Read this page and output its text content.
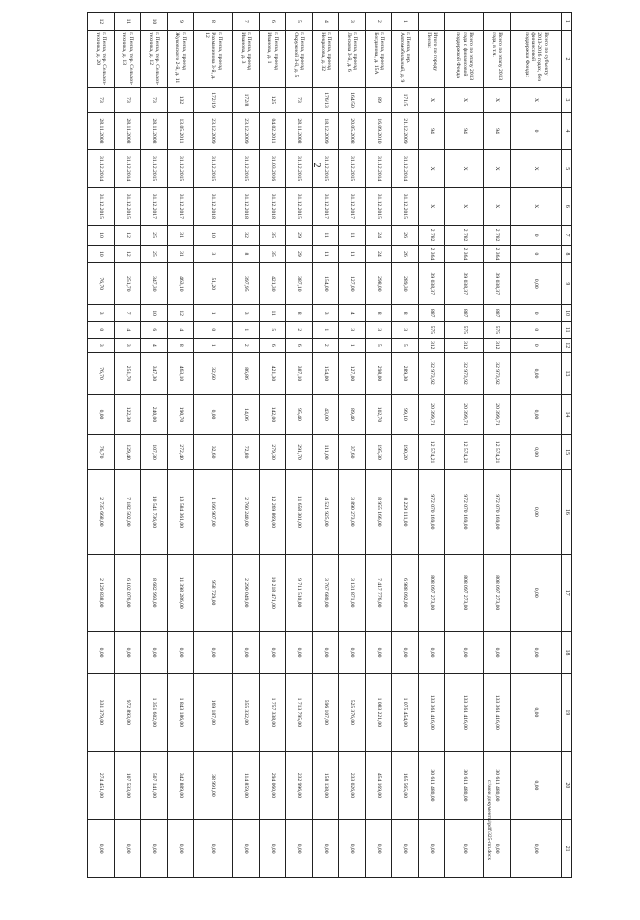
2
1	2	3	4	5	6	7	8	9	10	11	12	13	14	15	16	17	18	19	20	21
	Всего по субъекту 2013-2016 годах, без финансовой поддержки Фонда:	X	0	X	X	0	0	0,00	0	0	0	0,00	0,00	0,00	0,00	0,00	0,00	0,00	0,00	0,00
	Всего по этапу 2013 года, в т.ч.	X	94	X	X	2 782	2 364	39 038,37	887	575	312	32 973,92	20 399,71	12 574,21	972 070 169,00	808 097 273,00	0,00	133 361 416,00	30 611 480,00	0,00
	Всего по этапу 2013 года с финансовой поддержкой Фонда	X	94	X	X	2 782	2 364	39 038,37	887	575	312	32 973,92	20 399,71	12 574,21	972 070 169,00	808 097 273,00	0,00	133 361 416,00	30 611 480,00	0,00
	Итого по городу Пенза:	X	94	X	X	2 782	2 364	39 038,37	887	575	312	32 973,92	20 399,71	12 574,21	972 070 169,00	808 097 273,00	0,00	133 361 416,00	30 611 480,00	0,00
1	г. Пенза, пер. Автомобильный, д. 9	171/5	21.12.2009	31.12.2014	31.12.2015	26	26	289,30	8	3	5	289,30	99,10	190,20	8 229 111,00	6 988 092,00	0,00	1 075 454,00	165 565,00	0,00
2	г. Пенза, проезд Богданова, д. 15А	89	16.09.2010	31.12.2014	31.12.2015	24	24	298,00	8	3	5	298,00	102,70	195,30	8 955 166,00	7 417 776,00	0,00	1 083 221,00	454 169,00	0,00
3	г. Пенза, проезд Лескова 3-й, д. 6	164/50	20.05.2008	31.12.2015	31.12.2017	11	11	127,00	4	3	1	127,00	89,40	37,60	3 890 273,00	3 131 871,00	0,00	525 376,00	233 026,00	0,00
4	г. Пенза, проезд Некрасова, д. 32	176/13	18.12.2009	31.12.2015	31.12.2017	11	11	154,00	3	1	2	154,00	43,00	111,00	4 521 925,00	3 767 680,00	0,00	596 107,00	158 138,00	0,00
5	г. Пенза, проезд Окружной 3-й, д. 5	73	28.11.2008	31.12.2015	31.12.2015	29	29	387,10	8	2	6	387,10	95,40	291,70	11 658 301,00	9 711 510,00	0,00	1 713 795,00	232 996,00	0,00
6	г. Пенза, проезд Иванова, д. 1	125	04.02.2011	31.03.2016	31.12.2018	35	35	421,30	11	5	6	421,30	142,00	279,30	12 269 869,00	10 218 471,00	0,00	1 757 338,00	294 060,00	0,00
7	г. Пенза, проезд Иванова, д. 3	172/8	23.12.2009	31.12.2015	31.12.2018	32	8	397,95	3	1	2	86,86	14,06	72,80	2 760 240,00	2 290 049,00	0,00	355 332,00	114 859,00	0,00
8	г. Пенза, проезд Рахманинова 3-й, д. 12	172/19	23.12.2009	31.12.2015	31.12.2018	10	3	51,20	1	0	1	32,60	0,00	32,60	1 166 907,00	958 729,00	0,00	169 187,00	38 991,00	0,00
9	г. Пенза, проезд Жуковского 2-й, д. 11	132	13.05.2011	31.12.2015	31.12.2017	31	31	463,10	12	4	8	463,10	190,70	272,40	13 584 361,00	11 398 286,00	0,00	1 843 186,00	342 889,00	0,00
10	г. Пенза, тер. Сельхоз-техника, д. 12	73	28.11.2008	31.12.2015	31.12.2017	25	25	347,30	10	6	4	347,30	240,00	107,30	10 541 736,00	8 682 993,00	0,00	1 351 602,00	507 141,00	0,00
11	г. Пенза, тер. Сельхоз-техника, д. 13	73	28.11.2008	31.12.2014	31.12.2015	12	12	251,70	7	4	3	251,70	122,30	129,40	7 182 502,00	6 102 076,00	0,00	972 893,00	107 533,00	0,00
12	г. Пенза, тер. Сельхоз-техника, д. 20	73	28.11.2008	31.12.2014	31.12.2015	10	10	76,70	3	0	3	76,70	0,00	76,70	2 735 668,00	2 129 838,00	0,00	331 379,00	274 451,00	0,00	c:\мои документы\pdf\325-пп.docx
